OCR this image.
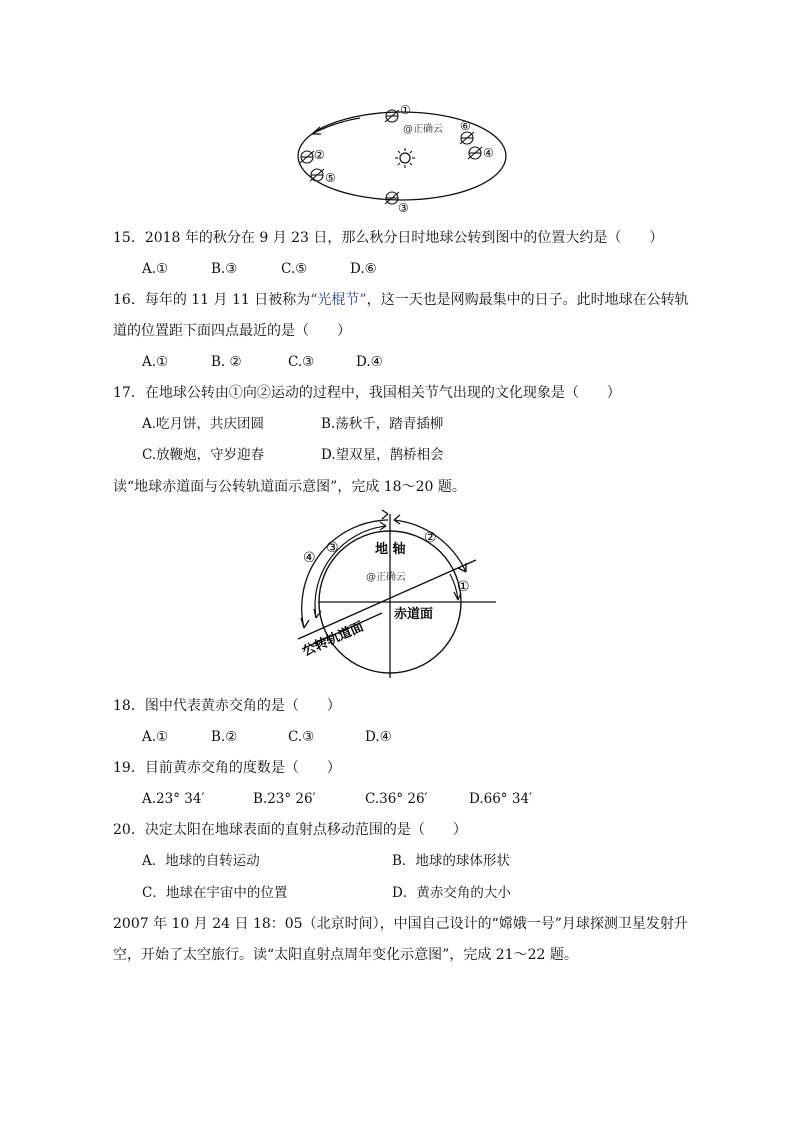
①
②
⑤
③
④
⑥
@正确云
15．2018 年的秋分在 9 月 23 日，那么秋分日时地球公转到图中的位置大约是（　　）
A.①	B.③	C.⑤	D.⑥
16．每年的 11 月 11 日被称为“光棍节”，这一天也是网购最集中的日子。此时地球在公转轨
道的位置距下面四点最近的是（　　）
A.①	B. ②	C.③	D.④
17．在地球公转由①向②运动的过程中，我国相关节气出现的文化现象是（　　）
A.吃月饼，共庆团圆	B.荡秋千，踏青插柳
C.放鞭炮，守岁迎春	D.望双星，鹊桥相会
读“地球赤道面与公转轨道面示意图”，完成 18～20 题。
④
③
②
①
地 轴
@正确云
赤道面
公转轨道面
18．图中代表黄赤交角的是（　　）
A.①	B.②	C.③	D.④
19．目前黄赤交角的度数是（　　）
A.23° 34′	B.23° 26′	C.36° 26′	D.66° 34′
20．决定太阳在地球表面的直射点移动范围的是（　　）
A．地球的自转运动	B．地球的球体形状
C．地球在宇宙中的位置	D．黄赤交角的大小
2007 年 10 月 24 日 18：05（北京时间），中国自己设计的“嫦娥一号”月球探测卫星发射升
空，开始了太空旅行。读“太阳直射点周年变化示意图”，完成 21～22 题。
